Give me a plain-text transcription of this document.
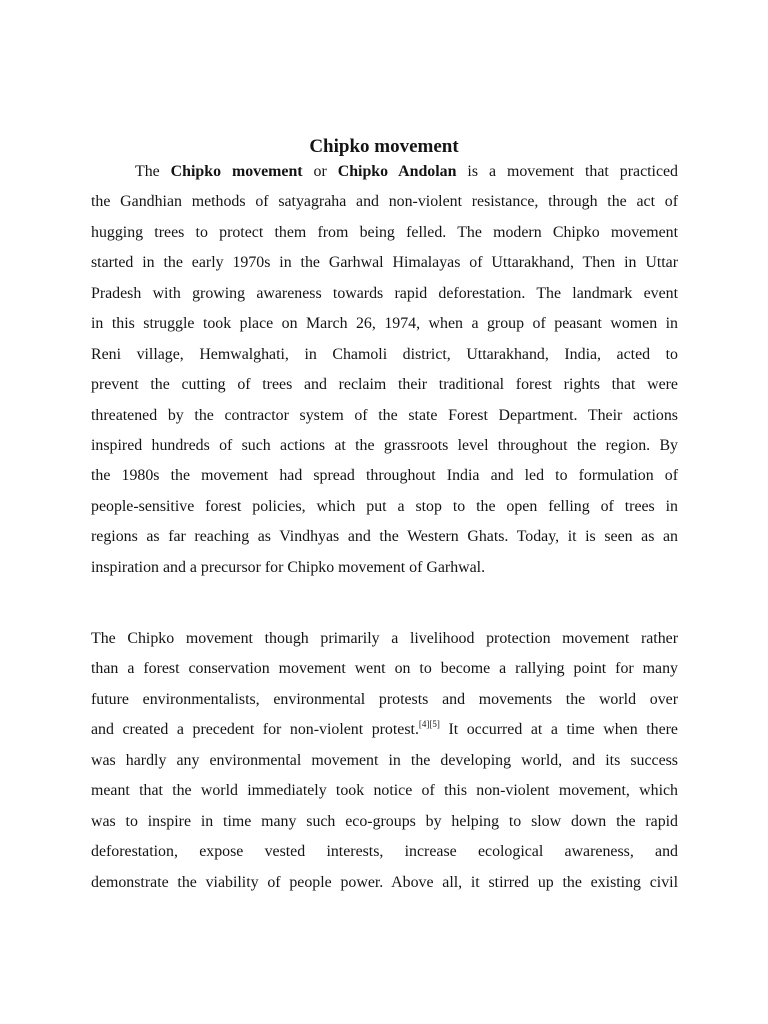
Chipko movement
The Chipko movement or Chipko Andolan is a movement that practiced
the Gandhian methods of satyagraha and non-violent resistance, through the act of
hugging trees to protect them from being felled. The modern Chipko movement
started in the early 1970s in the Garhwal Himalayas of Uttarakhand, Then in Uttar
Pradesh with growing awareness towards rapid deforestation. The landmark event
in this struggle took place on March 26, 1974, when a group of peasant women in
Reni village, Hemwalghati, in Chamoli district, Uttarakhand, India, acted to
prevent the cutting of trees and reclaim their traditional forest rights that were
threatened by the contractor system of the state Forest Department. Their actions
inspired hundreds of such actions at the grassroots level throughout the region. By
the 1980s the movement had spread throughout India and led to formulation of
people-sensitive forest policies, which put a stop to the open felling of trees in
regions as far reaching as Vindhyas and the Western Ghats. Today, it is seen as an
inspiration and a precursor for Chipko movement of Garhwal.
The Chipko movement though primarily a livelihood protection movement rather
than a forest conservation movement went on to become a rallying point for many
future environmentalists, environmental protests and movements the world over
and created a precedent for non-violent protest.[4][5] It occurred at a time when there
was hardly any environmental movement in the developing world, and its success
meant that the world immediately took notice of this non-violent movement, which
was to inspire in time many such eco-groups by helping to slow down the rapid
deforestation, expose vested interests, increase ecological awareness, and
demonstrate the viability of people power. Above all, it stirred up the existing civil
